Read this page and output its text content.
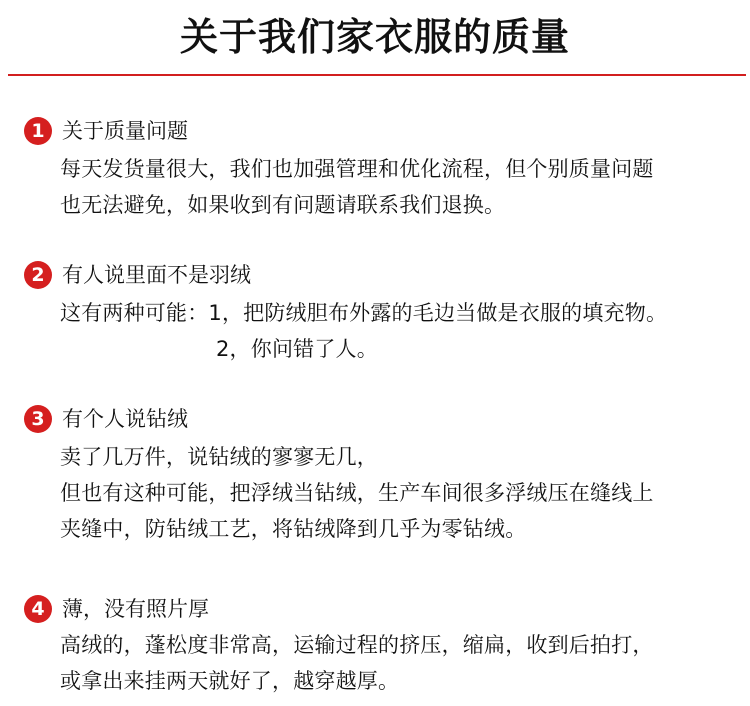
关于我们家衣服的质量
1 关于质量问题
每天发货量很大，我们也加强管理和优化流程，但个别质量问题
也无法避免，如果收到有问题请联系我们退换。
2 有人说里面不是羽绒
这有两种可能：1，把防绒胆布外露的毛边当做是衣服的填充物。
2，你问错了人。
3 有个人说钻绒
卖了几万件，说钻绒的寥寥无几，
但也有这种可能，把浮绒当钻绒，生产车间很多浮绒压在缝线上
夹缝中，防钻绒工艺，将钻绒降到几乎为零钻绒。
4 薄，没有照片厚
高绒的，蓬松度非常高，运输过程的挤压，缩扁，收到后拍打，
或拿出来挂两天就好了，越穿越厚。
